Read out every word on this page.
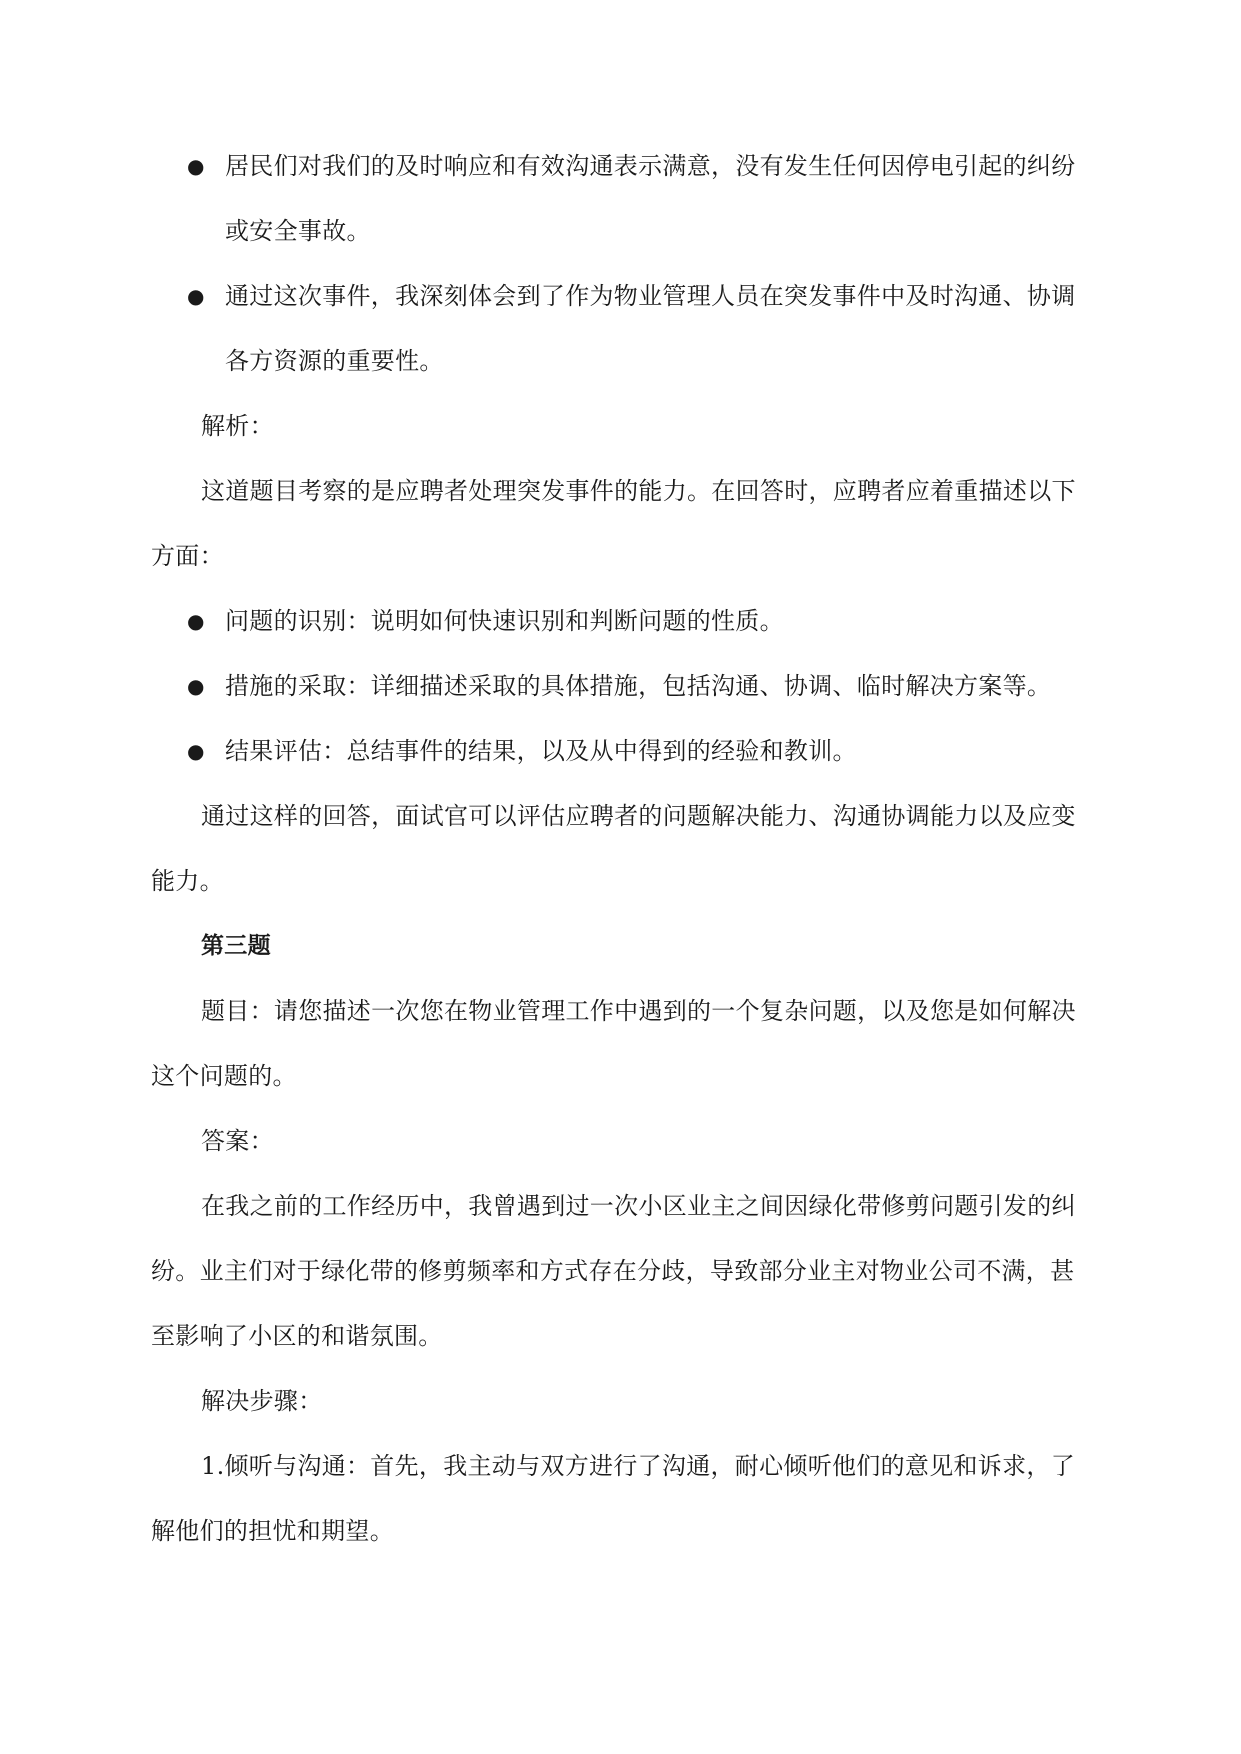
● 居民们对我们的及时响应和有效沟通表示满意，没有发生任何因停电引起的纠纷或安全事故。
● 通过这次事件，我深刻体会到了作为物业管理人员在突发事件中及时沟通、协调各方资源的重要性。

解析：

这道题目考察的是应聘者处理突发事件的能力。在回答时，应聘者应着重描述以下方面：

● 问题的识别：说明如何快速识别和判断问题的性质。
● 措施的采取：详细描述采取的具体措施，包括沟通、协调、临时解决方案等。
● 结果评估：总结事件的结果，以及从中得到的经验和教训。

通过这样的回答，面试官可以评估应聘者的问题解决能力、沟通协调能力以及应变能力。

第三题

题目：请您描述一次您在物业管理工作中遇到的一个复杂问题，以及您是如何解决这个问题的。

答案：

在我之前的工作经历中，我曾遇到过一次小区业主之间因绿化带修剪问题引发的纠纷。业主们对于绿化带的修剪频率和方式存在分歧，导致部分业主对物业公司不满，甚至影响了小区的和谐氛围。

解决步骤：

1.倾听与沟通：首先，我主动与双方进行了沟通，耐心倾听他们的意见和诉求，了解他们的担忧和期望。
